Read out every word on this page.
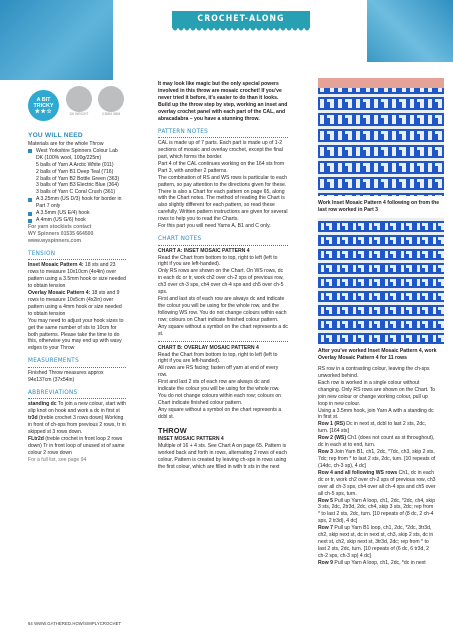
CROCHET-ALONG
A BIT TRICKY
★★☆	DK WEIGHT	3.5MM 4MM
YOU WILL NEED
Materials are for the whole Throw
West Yorkshire Spinners Colour Lab DK (100% wool, 100g/225m)
5 balls of Yarn A Arctic White (011)
2 balls of Yarn B1 Deep Teal (716)
2 balls of Yarn B2 Bottle Green (363)
3 balls of Yarn B3 Electric Blue (364)
3 balls of Yarn C Coral Crush (361)
A 3.25mm (US D/3) hook for border in Part 7 only
A 3.5mm (US E/4) hook
A 4mm (US G/6) hook
For yarn stockists contact
WY Spinners 01535 664500
www.wyspinners.com
TENSION
Inset Mosaic Pattern 4: 18 sts and 23 rows to measure 10x10cm (4x4in) over pattern using a 3.5mm hook or size needed to obtain tension
Overlay Mosaic Pattern 4: 18 sts and 9 rows to measure 10x5cm (4x2in) over pattern using a 4mm hook or size needed to obtain tension
You may need to adjust your hook sizes to get the same number of sts to 10cm for both patterns. Please take the time to do this, otherwise you may end up with wavy edges to your Throw
MEASUREMENTS
Finished Throw measures approx 94x137cm (37x54in)
ABBREVIATIONS
standing dc To join a new colour, start with slip knot on hook and work a dc in first st
tr3d (treble crochet 3 rows down) Working in front of ch-sps from previous 2 rows, tr in skipped st 3 rows down.
FLtr2d (treble crochet in front loop 2 rows down) Tr in front loop of unused st of same colour 2 rows down
For a full list, see page 94
It may look like magic but the only special powers involved in this throw are mosaic crochet! If you've never tried it before, it's easier to do than it looks. Build up the throw step by step, working an inset and overlay crochet panel with each part of the CAL, and abracadabra – you have a stunning throw.
PATTERN NOTES
CAL is made up of 7 parts. Each part is made up of 1-2 sections of mosaic and overlay crochet, except the final part, which forms the border.
Part 4 of the CAL continues working on the 164 sts from Part 3, with another 2 patterns.
The combination of RS and WS rows is particular to each pattern, so pay attention to the directions given for these. There is also a Chart for each pattern on page 65, along with the Chart notes. The method of reading the Chart is also slightly different for each pattern, so read these carefully. Written pattern instructions are given for several rows to help you to read the Charts.
For this part you will need Yarns A, B1 and C only.
CHART NOTES
CHART A: INSET MOSAIC PATTERN 4
Read the Chart from bottom to top, right to left (left to right if you are left-handed).
Only RS rows are shown on the Chart. On WS rows, dc in each dc or tr, work ch2 over ch-2 sps of previous row, ch3 over ch-3 sps, ch4 over ch-4 sps and ch5 over ch-5 sps.
First and last sts of each row are always dc and indicate the colour you will be using for the whole row, and the following WS row. You do not change colours within each row; colours on Chart indicate finished colour pattern.
Any square without a symbol on the chart represents a dc st.
CHART B: OVERLAY MOSAIC PATTERN 4
Read the Chart from bottom to top, right to left (left to right if you are left-handed).
All rows are RS facing; fasten off yarn at end of every row.
First and last 2 sts of each row are always dc and indicate the colour you will be using for the whole row. You do not change colours within each row; colours on Chart indicate finished colour pattern.
Any square without a symbol on the chart represents a dcbl st.
THROW
INSET MOSAIC PATTERN 4
Multiple of 16 + 4 sts. See Chart A on page 65. Pattern is worked back and forth in rows, alternating 2 rows of each colour. Pattern is created by leaving ch-sps in rows using the first colour, which are filled in with tr sts in the next
Work Inset Mosaic Pattern 4 following on from the last row worked in Part 3
After you've worked Inset Mosaic Pattern 4, work Overlay Mosaic Pattern 4 for 11 rows
RS row in a contrasting colour, leaving the ch-sps unworked behind.
Each row is worked in a single colour without changing. Only RS rows are shown on the Chart. To join new colour or change working colour, pull up loop in new colour.
Using a 3.5mm hook, join Yarn A with a standing dc in first st.
Row 1 (RS) Dc in next st, dcbl to last 2 sts, 2dc, turn. [164 sts]
Row 2 (WS) Ch1 (does not count as st throughout), dc in each st to end, turn.
Row 3 Join Yarn B1, ch1, 2dc, *7dc, ch3, skip 2 sts, 7dc; rep from * to last 2 sts, 2dc, turn. [10 repeats of (14dc, ch-3 sp), 4 dc]
Row 4 and all following WS rows Ch1, dc in each dc or tr, work ch2 over ch-2 sps of previous row, ch3 over all ch-3 sps, ch4 over all ch-4 sps and ch5 over all ch-5 sps, turn.
Row 5 Pull up Yarn A loop, ch1, 2dc, *2dc, ch4, skip 3 sts, 2dc, 2tr3d, 2dc, ch4, skip 3 sts, 2dc; rep from * to last 2 sts, 2dc, turn. [10 repeats of (8 dc, 2 ch-4 sps, 2 tr3d), 4 dc]
Row 7 Pull up Yarn B1 loop, ch1, 2dc, *2dc, 3tr3d, ch2, skip next st, dc in next st, ch3, skip 2 sts, dc in next st, ch2, skip next st, 3tr3d, 2dc; rep from * to last 2 sts, 2dc, turn. [10 repeats of (6 dc, 6 tr3d, 2 ch-2 sps, ch-3 sp) 4 dc]
Row 9 Pull up Yarn A loop, ch1, 2dc, *dc in next
64 WWW.GATHERED.HOW/SIMPLYCROCHET
